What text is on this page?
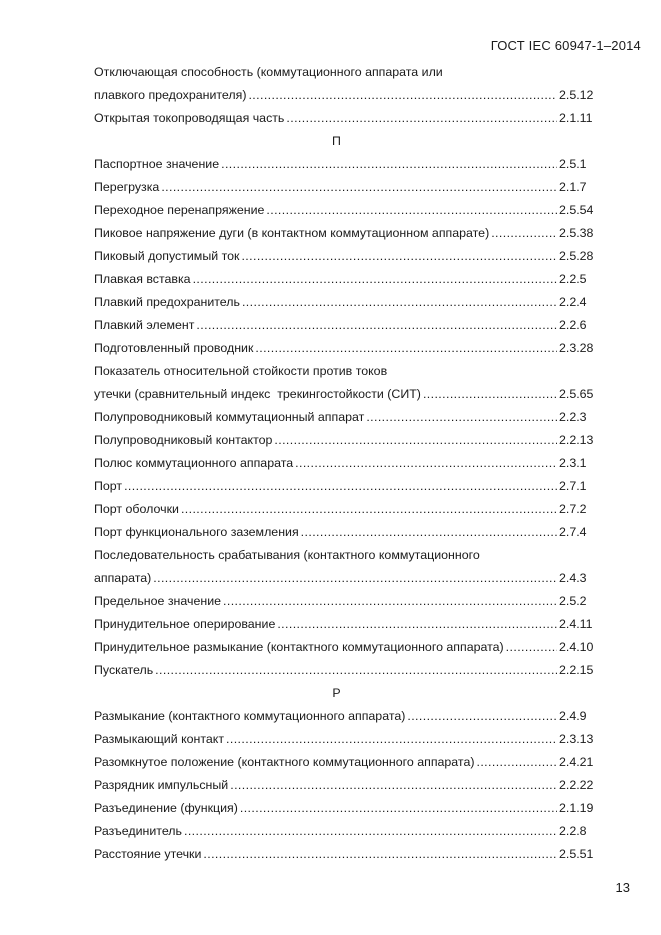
ГОСТ IEC 60947-1–2014
Отключающая способность (коммутационного аппарата или
плавкого предохранителя) .....	2.5.12
Открытая токопроводящая часть .....	2.1.11
П
Паспортное значение .....	2.5.1
Перегрузка .....	2.1.7
Переходное перенапряжение .....	2.5.54
Пиковое напряжение дуги (в контактном коммутационном аппарате) .....	2.5.38
Пиковый допустимый ток .....	2.5.28
Плавкая вставка .....	2.2.5
Плавкий предохранитель .....	2.2.4
Плавкий элемент .....	2.2.6
Подготовленный проводник .....	2.3.28
Показатель относительной стойкости против токов
утечки (сравнительный индекс  трекингостойкости (СИТ) .....	2.5.65
Полупроводниковый коммутационный аппарат .....	2.2.3
Полупроводниковый контактор .....	2.2.13
Полюс коммутационного аппарата .....	2.3.1
Порт .....	2.7.1
Порт оболочки .....	2.7.2
Порт функционального заземления .....	2.7.4
Последовательность срабатывания (контактного коммутационного
аппарата) .....	2.4.3
Предельное значение .....	2.5.2
Принудительное оперирование .....	2.4.11
Принудительное размыкание (контактного коммутационного аппарата) .....	2.4.10
Пускатель .....	2.2.15
Р
Размыкание (контактного коммутационного аппарата) .....	2.4.9
Размыкающий контакт .....	2.3.13
Разомкнутое положение (контактного коммутационного аппарата) .....	2.4.21
Разрядник импульсный .....	2.2.22
Разъединение (функция) .....	2.1.19
Разъединитель .....	2.2.8
Расстояние утечки .....	2.5.51
13
